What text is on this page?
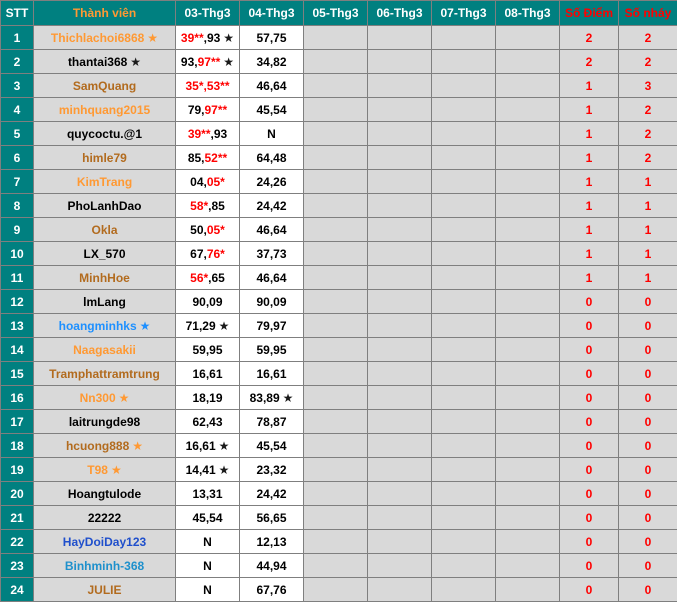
STT	Thành viên	03-Thg3	04-Thg3	05-Thg3	06-Thg3	07-Thg3	08-Thg3	Số Điểm	Số nháy
1	Thichlachoi6868 ★	39**,93 ★	57,75					2	2
2	thantai368 ★	93,97** ★	34,82					2	2
3	SamQuang	35*,53**	46,64					1	3
4	minhquang2015	79,97**	45,54					1	2
5	quycoctu.@1	39**,93	N					1	2
6	himle79	85,52**	64,48					1	2
7	KimTrang	04,05*	24,26					1	1
8	PhoLanhDao	58*,85	24,42					1	1
9	Okla	50,05*	46,64					1	1
10	LX_570	67,76*	37,73					1	1
11	MinhHoe	56*,65	46,64					1	1
12	lmLang	90,09	90,09					0	0
13	hoangminhks ★	71,29 ★	79,97					0	0
14	Naagasakii	59,95	59,95					0	0
15	Tramphattramtrung	16,61	16,61					0	0
16	Nn300 ★	18,19	83,89 ★					0	0
17	laitrungde98	62,43	78,87					0	0
18	hcuong888 ★	16,61 ★	45,54					0	0
19	T98 ★	14,41 ★	23,32					0	0
20	Hoangtulode	13,31	24,42					0	0
21	22222	45,54	56,65					0	0
22	HayDoiDay123	N	12,13					0	0
23	Binhminh-368	N	44,94					0	0
24	JULIE	N	67,76					0	0
